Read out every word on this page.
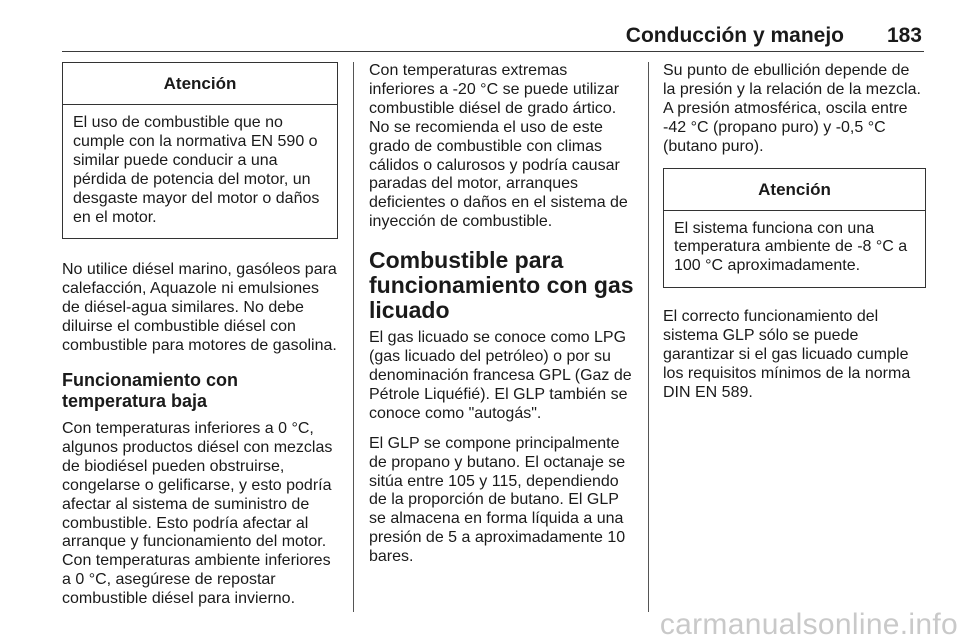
Conducción y manejo 183
Atención
El uso de combustible que no cumple con la normativa EN 590 o similar puede conducir a una pérdida de potencia del motor, un desgaste mayor del motor o daños en el motor.

No utilice diésel marino, gasóleos para calefacción, Aquazole ni emulsiones de diésel-agua similares. No debe diluirse el combustible diésel con combustible para motores de gasolina.

Funcionamiento con temperatura baja

Con temperaturas inferiores a 0 °C, algunos productos diésel con mezclas de biodiésel pueden obstruirse, congelarse o gelificarse, y esto podría afectar al sistema de suministro de combustible. Esto podría afectar al arranque y funcionamiento del motor. Con temperaturas ambiente inferiores a 0 °C, asegúrese de repostar combustible diésel para invierno.

Con temperaturas extremas inferiores a -20 °C se puede utilizar combustible diésel de grado ártico. No se recomienda el uso de este grado de combustible con climas cálidos o calurosos y podría causar paradas del motor, arranques deficientes o daños en el sistema de inyección de combustible.

Combustible para funcionamiento con gas licuado

El gas licuado se conoce como LPG (gas licuado del petróleo) o por su denominación francesa GPL (Gaz de Pétrole Liquéfié). El GLP también se conoce como "autogás".

El GLP se compone principalmente de propano y butano. El octanaje se sitúa entre 105 y 115, dependiendo de la proporción de butano. El GLP se almacena en forma líquida a una presión de 5 a aproximadamente 10 bares.

Su punto de ebullición depende de la presión y la relación de la mezcla. A presión atmosférica, oscila entre -42 °C (propano puro) y -0,5 °C (butano puro).

Atención
El sistema funciona con una temperatura ambiente de -8 °C a 100 °C aproximadamente.

El correcto funcionamiento del sistema GLP sólo se puede garantizar si el gas licuado cumple los requisitos mínimos de la norma DIN EN 589.

carmanualsonline.info
